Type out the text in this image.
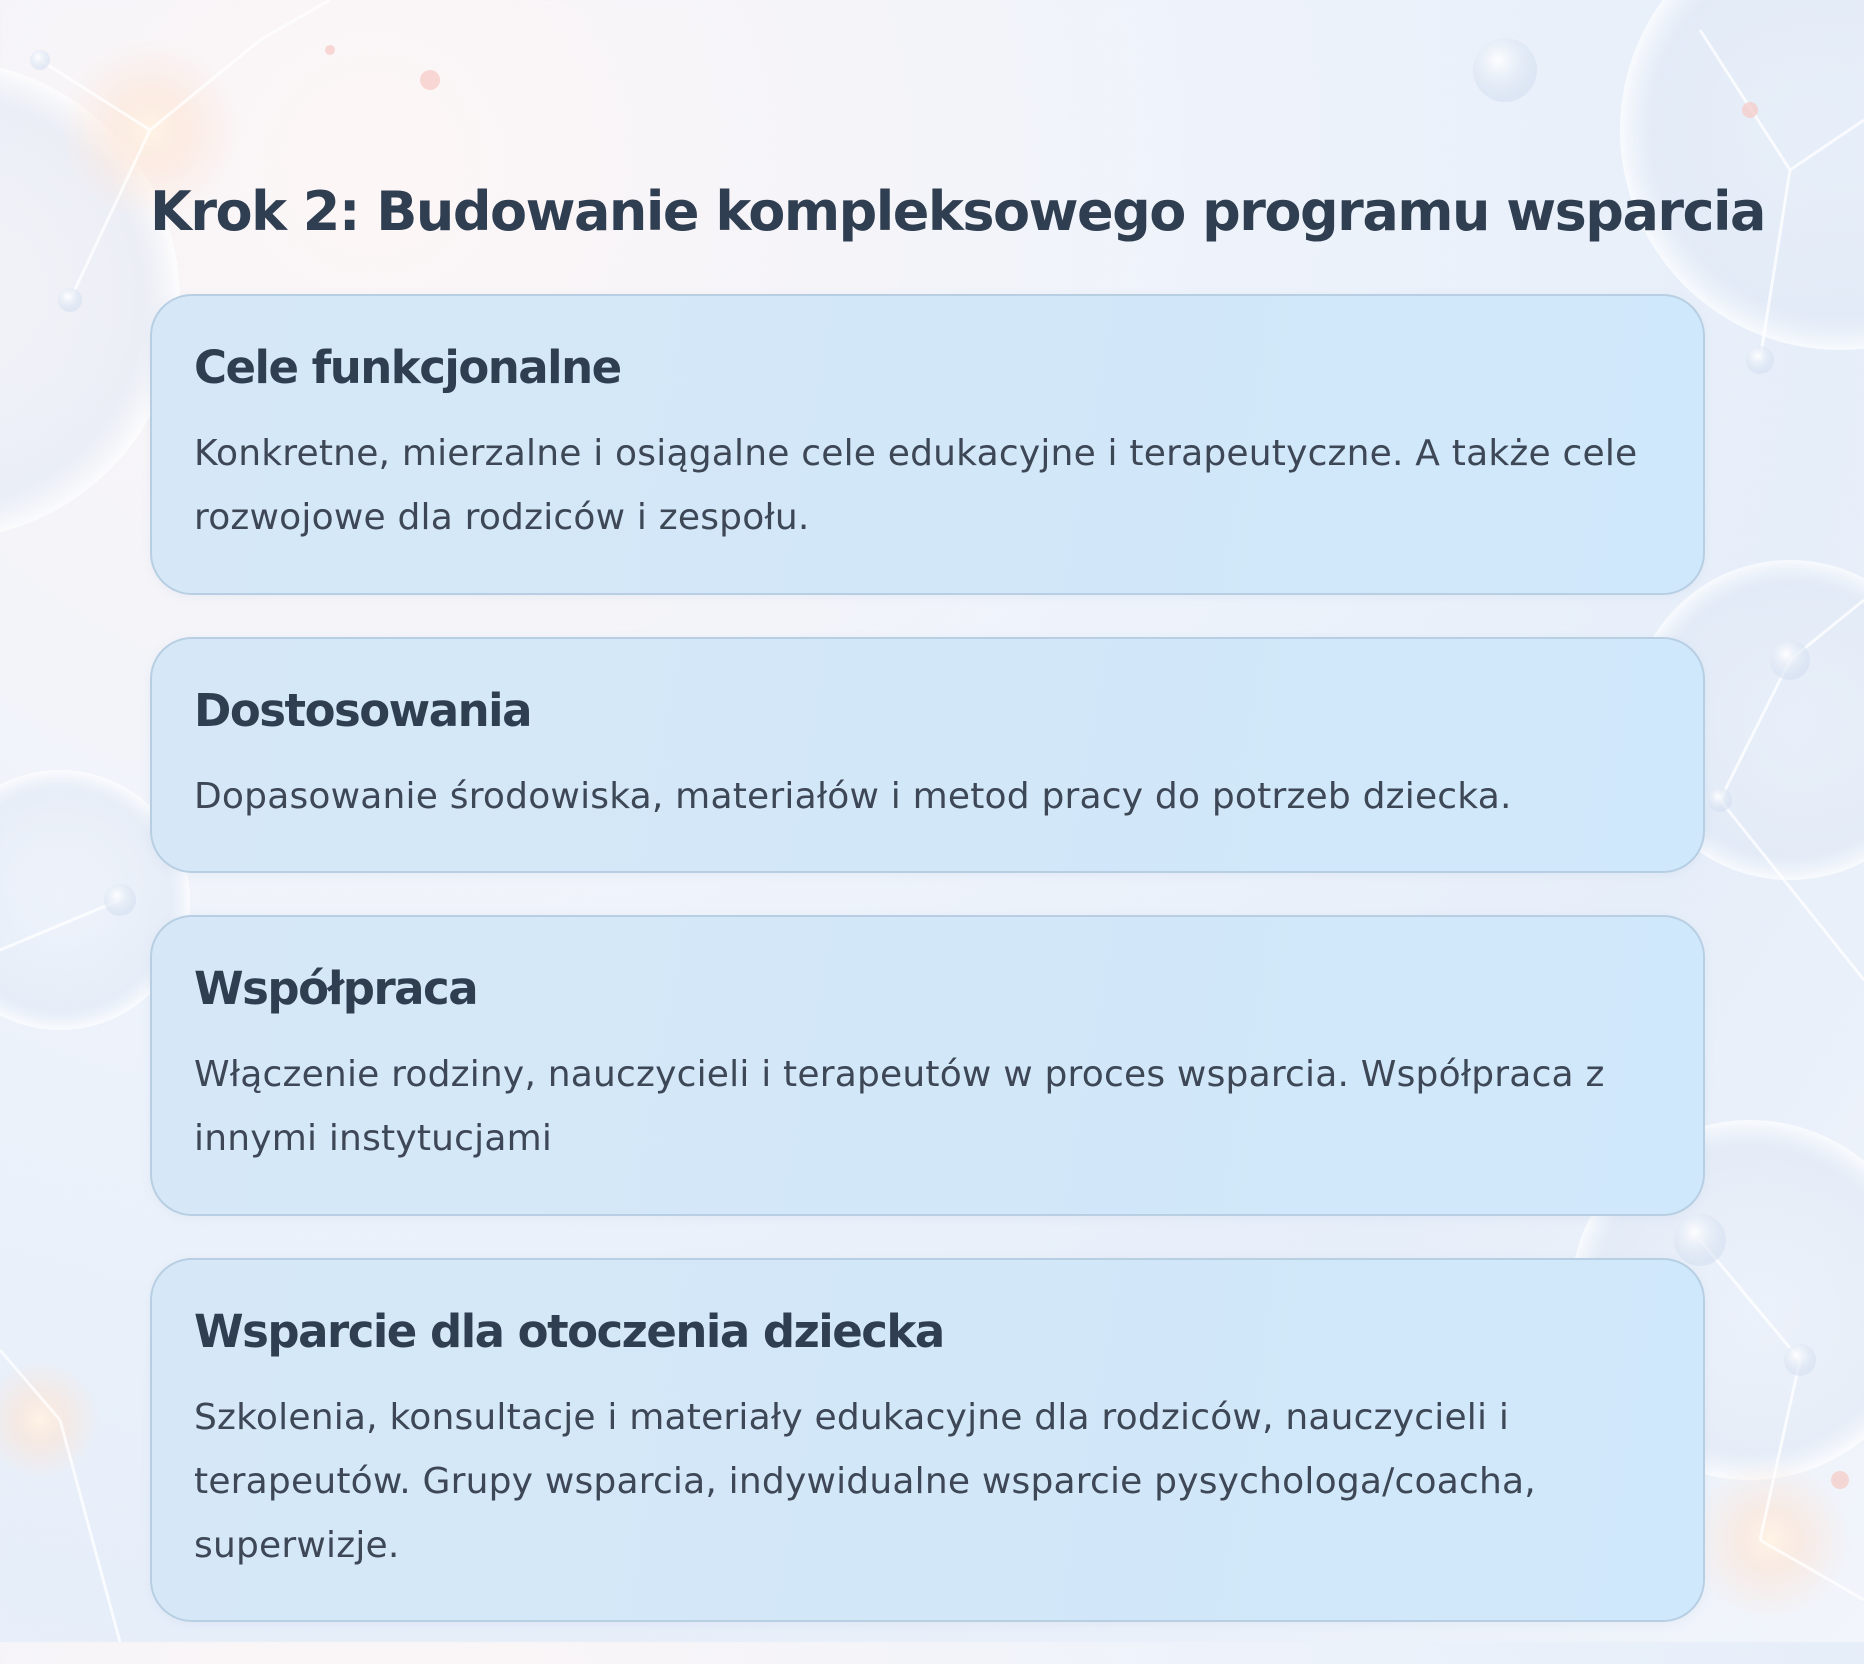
Krok 2: Budowanie kompleksowego programu wsparcia
Cele funkcjonalne

Konkretne, mierzalne i osiągalne cele edukacyjne i terapeutyczne. A także cele rozwojowe dla rodziców i zespołu.

Dostosowania

Dopasowanie środowiska, materiałów i metod pracy do potrzeb dziecka.

Współpraca

Włączenie rodziny, nauczycieli i terapeutów w proces wsparcia. Współpraca z innymi instytucjami

Wsparcie dla otoczenia dziecka

Szkolenia, konsultacje i materiały edukacyjne dla rodziców, nauczycieli i terapeutów. Grupy wsparcia, indywidualne wsparcie pysychologa/coacha, superwizje.
